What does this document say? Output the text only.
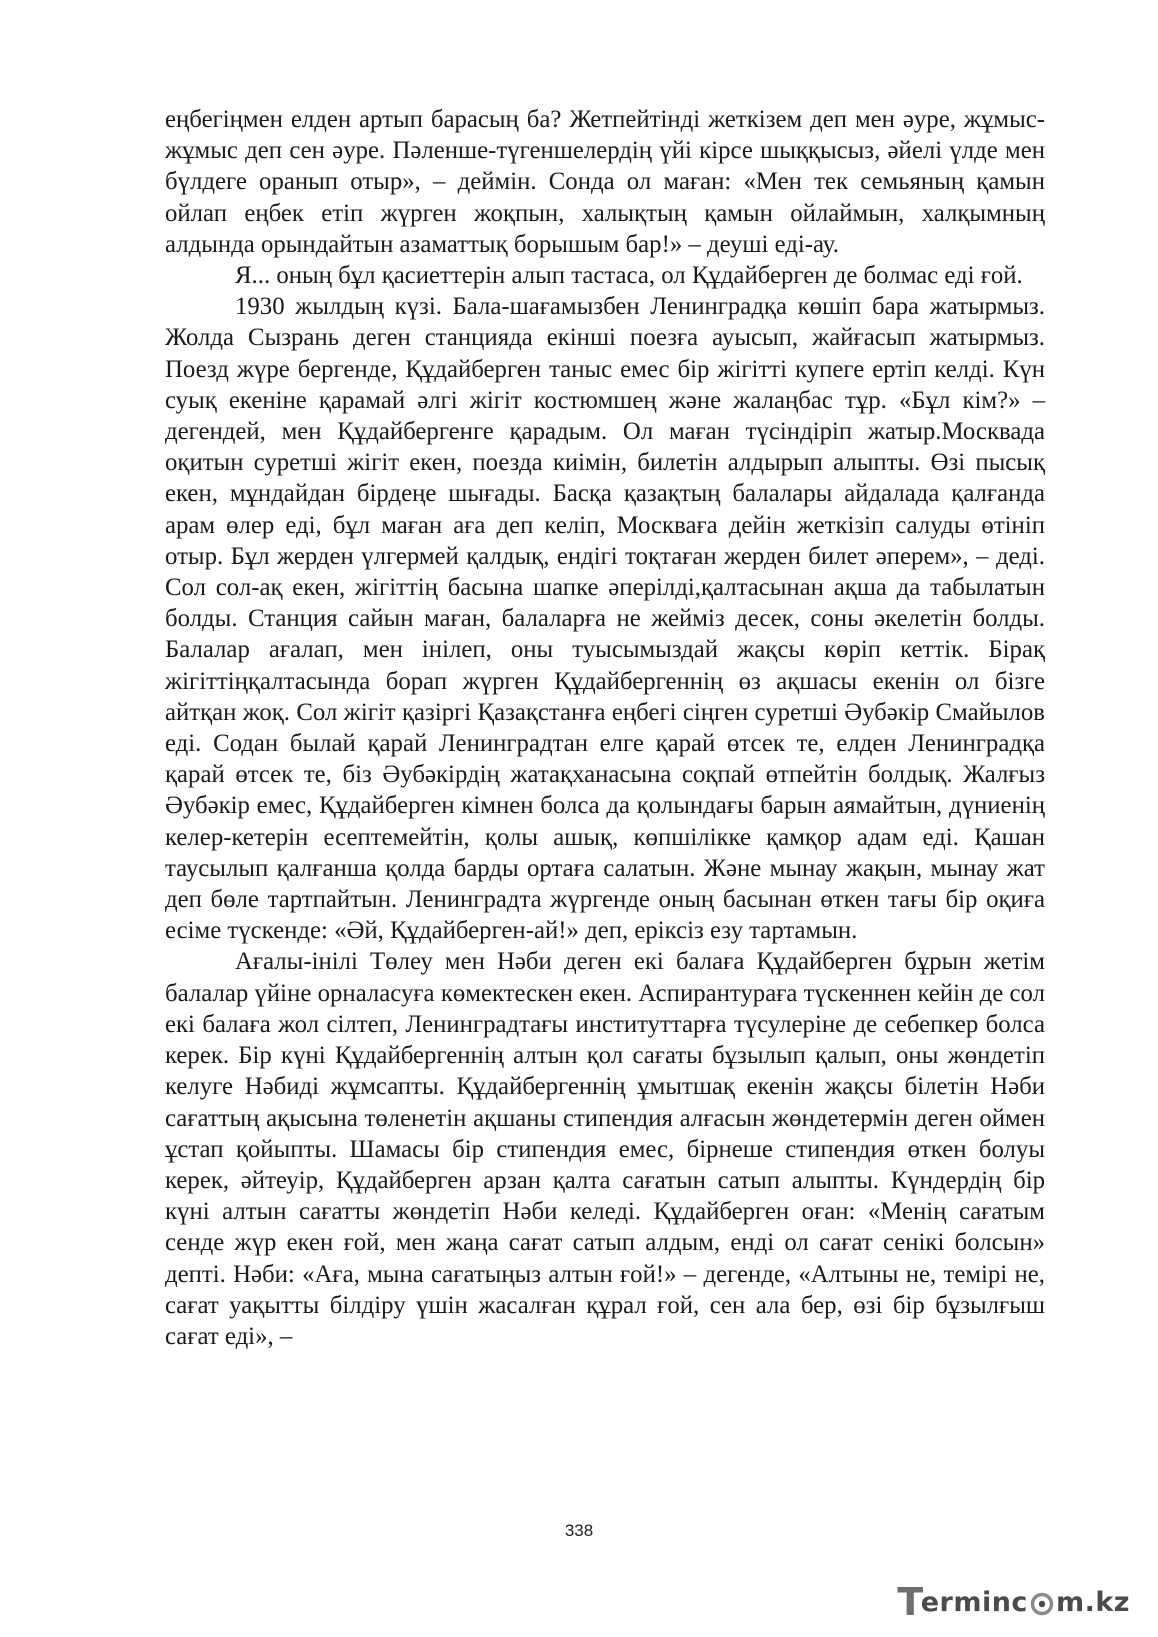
еңбегіңмен елден артып барасың ба? Жетпейтінді жеткізем деп мен әуре, жұмыс-жұмыс деп сен әуре. Пәленше-түгеншелердің үйі кірсе шыққысыз, әйелі үлде мен бүлдеге оранып отыр», – деймін. Сонда ол маған: «Мен тек семьяның қамын ойлап еңбек етіп жүрген жоқпын, халықтың қамын ойлаймын, халқымның алдында орындайтын азаматтық борышым бар!» – деуші еді-ау.

Я... оның бұл қасиеттерін алып тастаса, ол Құдайберген де болмас еді ғой.

1930 жылдың күзі. Бала-шағамызбен Ленинградқа көшіп бара жатырмыз. Жолда Сызрань деген станцияда екінші поезға ауысып, жайғасып жатырмыз. Поезд жүре бергенде, Құдайберген таныс емес бір жігітті купеге ертіп келді. Күн суық екеніне қарамай әлгі жігіт костюмшең және жалаңбас тұр. «Бұл кім?» – дегендей, мен Құдайбергенге қарадым. Ол маған түсіндіріп жатыр.Москвада оқитын суретші жігіт екен, поезда киімін, билетін алдырып алыпты. Өзі пысық екен, мұндайдан бірдеңе шығады. Басқа қазақтың балалары айдалада қалғанда арам өлер еді, бұл маған аға деп келіп, Москваға дейін жеткізіп салуды өтініп отыр. Бұл жерден үлгермей қалдық, ендігі тоқтаған жерден билет әперем», – деді. Сол сол-ақ екен, жігіттің басына шапке әперілді,қалтасынан ақша да табылатын болды. Станция сайын маған, балаларға не жейміз десек, соны әкелетін болды. Балалар ағалап, мен інілеп, оны туысымыздай жақсы көріп кеттік. Бірақ жігіттіңқалтасында борап жүрген Құдайбергеннің өз ақшасы екенін ол бізге айтқан жоқ. Сол жігіт қазіргі Қазақстанға еңбегі сіңген суретші Әубәкір Смайылов еді. Содан былай қарай Ленинградтан елге қарай өтсек те, елден Ленинградқа қарай өтсек те, біз Әубәкірдің жатақханасына соқпай өтпейтін болдық. Жалғыз Әубәкір емес, Құдайберген кімнен болса да қолындағы барын аямайтын, дүниенің келер-кетерін есептемейтін, қолы ашық, көпшілікке қамқор адам еді. Қашан таусылып қалғанша қолда барды ортаға салатын. Және мынау жақын, мынау жат деп бөле тартпайтын. Ленинградта жүргенде оның басынан өткен тағы бір оқиға есіме түскенде: «Әй, Құдайберген-ай!» деп, еріксіз езу тартамын.

Ағалы-інілі Төлеу мен Нәби деген екі балаға Құдайберген бұрын жетім балалар үйіне орналасуға көмектескен екен. Аспирантураға түскеннен кейін де сол екі балаға жол сілтеп, Ленинградтағы институттарға түсулеріне де себепкер болса керек. Бір күні Құдайбергеннің алтын қол сағаты бұзылып қалып, оны жөндетіп келуге Нәбиді жұмсапты. Құдайбергеннің ұмытшақ екенін жақсы білетін Нәби сағаттың ақысына төленетін ақшаны стипендия алғасын жөндетермін деген оймен ұстап қойыпты. Шамасы бір стипендия емес, бірнеше стипендия өткен болуы керек, әйтеуір, Құдайберген арзан қалта сағатын сатып алыпты. Күндердің бір күні алтын сағатты жөндетіп Нәби келеді. Құдайберген оған: «Менің сағатым сенде жүр екен ғой, мен жаңа сағат сатып алдым, енді ол сағат сенікі болсын» депті. Нәби: «Аға, мына сағатыңыз алтын ғой!» – дегенде, «Алтыны не, темірі не, сағат уақытты білдіру үшін жасалған құрал ғой, сен ала бер, өзі бір бұзылғыш сағат еді», –

338
T
erminc m.kz
